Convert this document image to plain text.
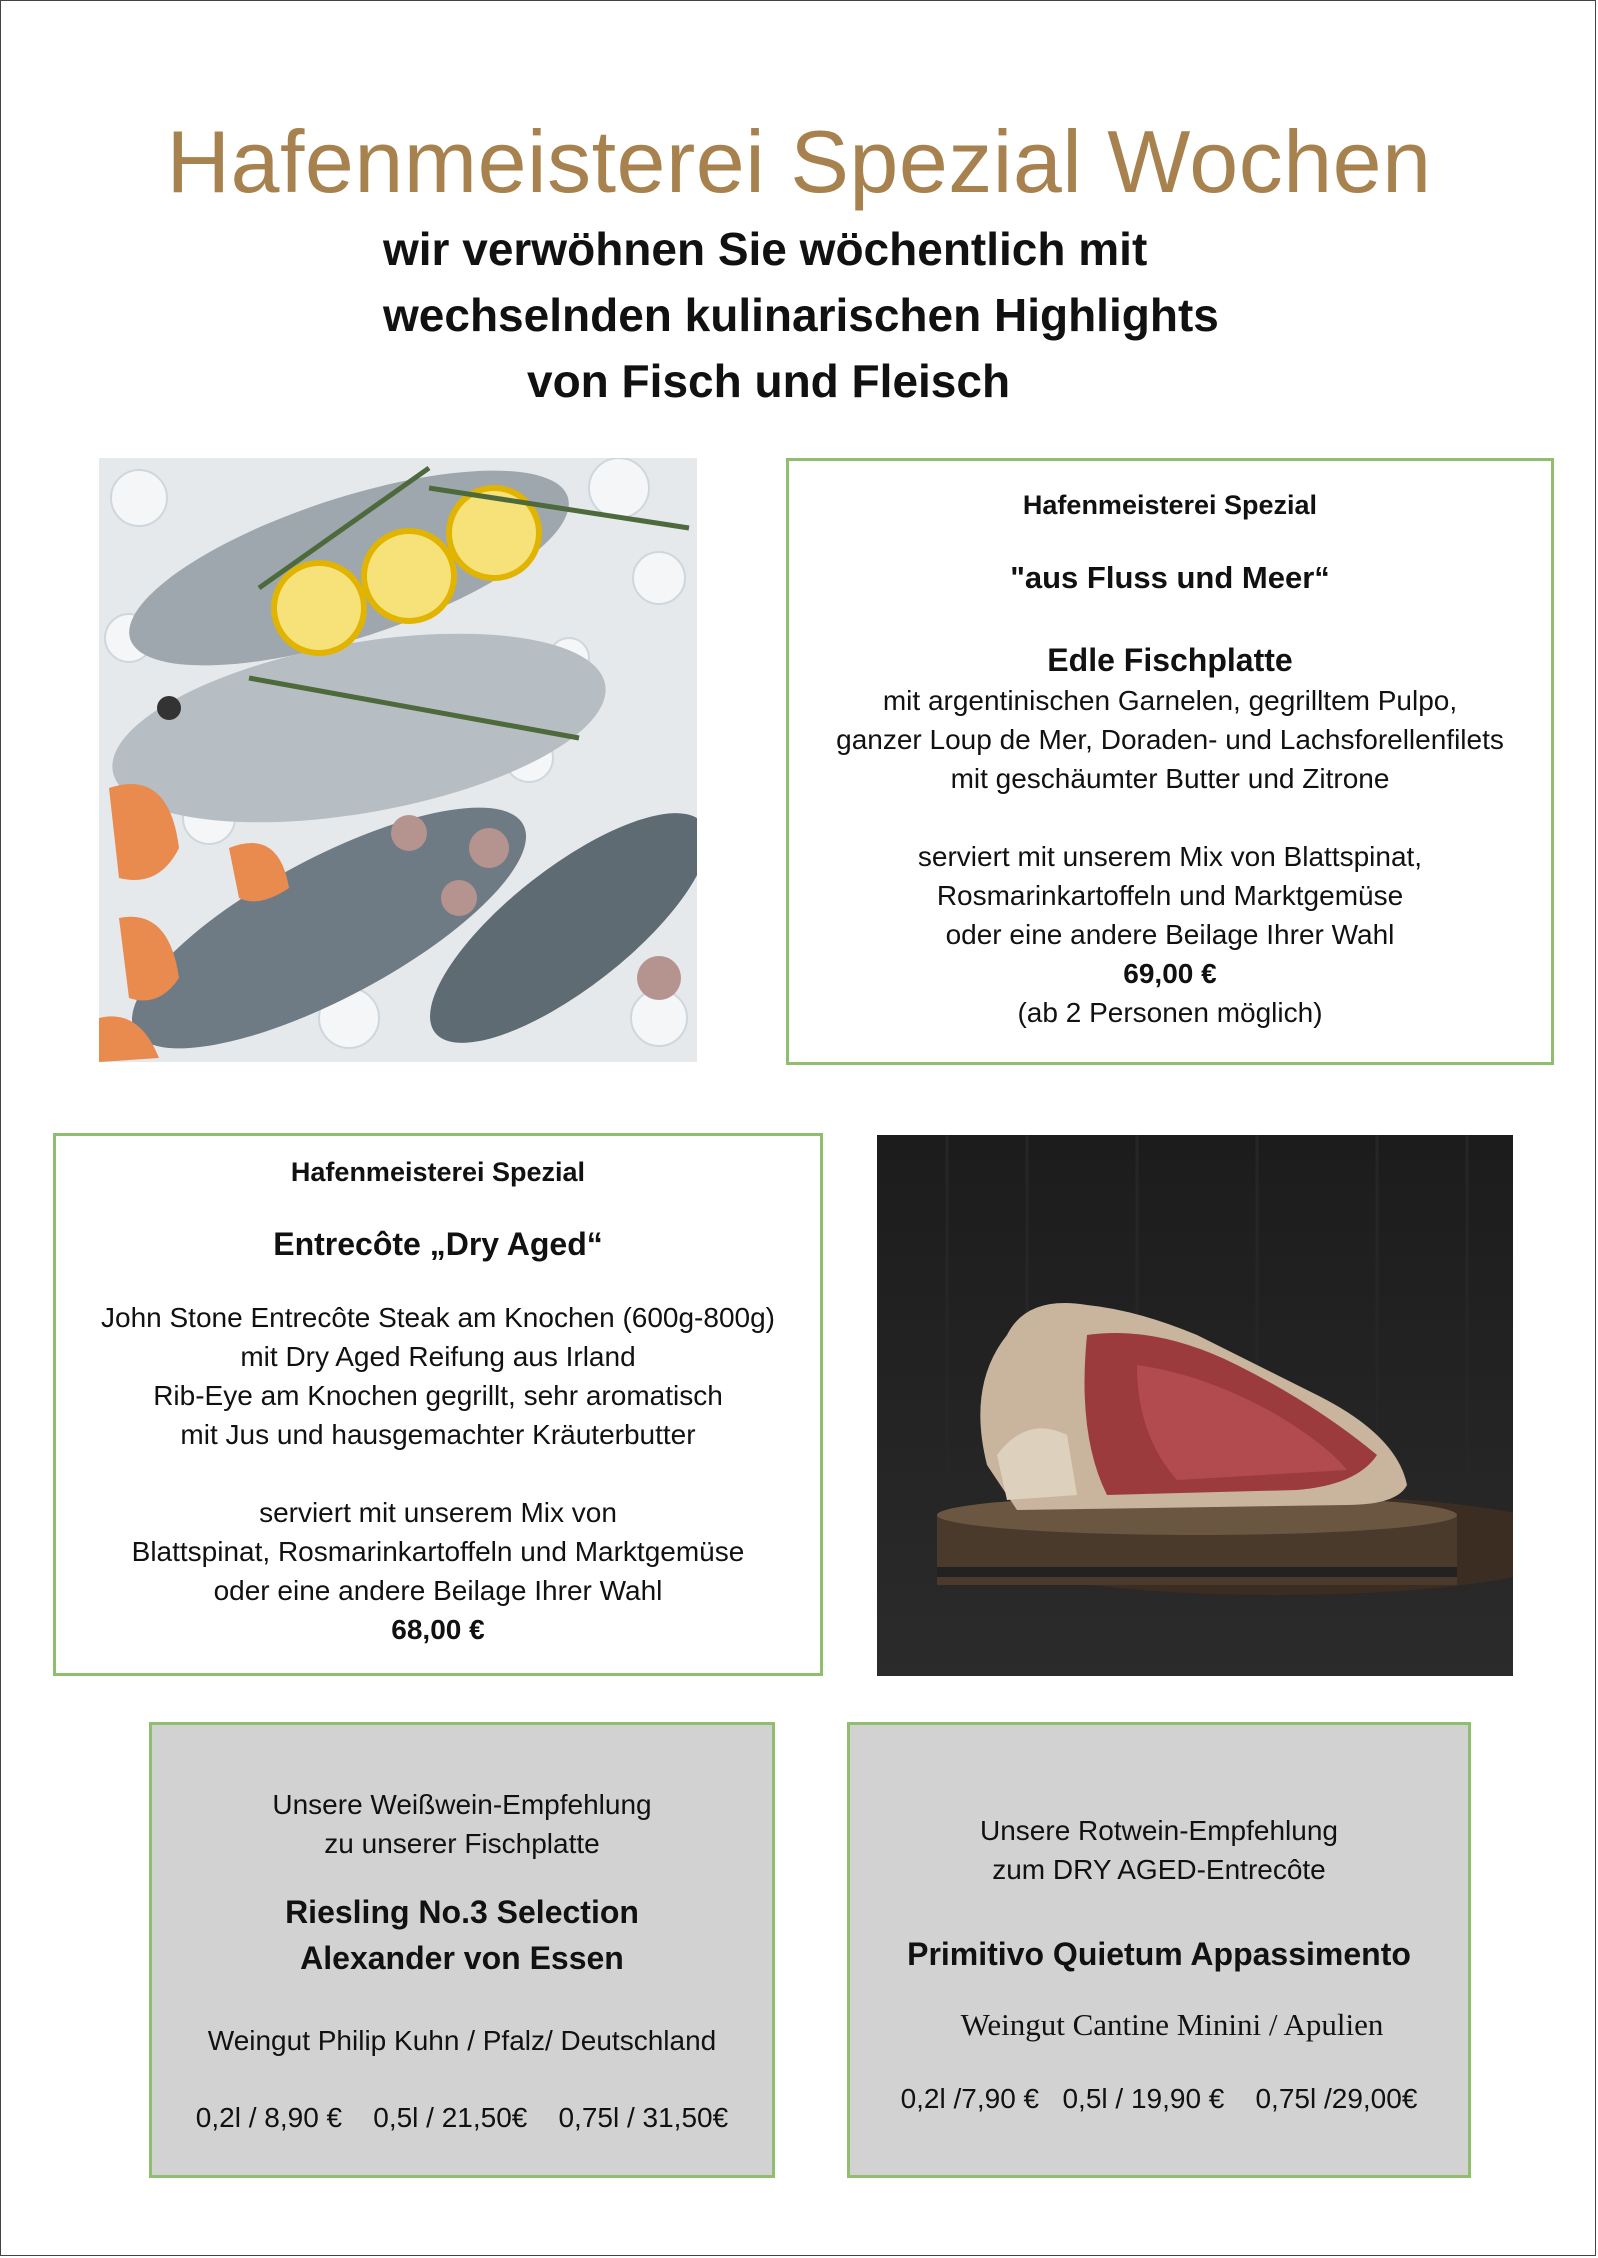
Hafenmeisterei Spezial Wochen
wir verwöhnen Sie wöchentlich mit
wechselnden kulinarischen Highlights
von Fisch und Fleisch

Hafenmeisterei Spezial

"aus Fluss und Meer“

Edle Fischplatte

mit argentinischen Garnelen, gegrilltem Pulpo,

ganzer Loup de Mer, Doraden- und Lachsforellenfilets

mit geschäumter Butter und Zitrone

serviert mit unserem Mix von Blattspinat,

Rosmarinkartoffeln und Marktgemüse

oder eine andere Beilage Ihrer Wahl

69,00 €

(ab 2 Personen möglich)

Hafenmeisterei Spezial

Entrecôte „Dry Aged“

John Stone Entrecôte Steak am Knochen (600g-800g)

mit Dry Aged Reifung aus Irland

Rib-Eye am Knochen gegrillt, sehr aromatisch

mit Jus und hausgemachter Kräuterbutter

serviert mit unserem Mix von

Blattspinat, Rosmarinkartoffeln und Marktgemüse

oder eine andere Beilage Ihrer Wahl

68,00 €

Unsere Weißwein-Empfehlung

zu unserer Fischplatte

Riesling No.3 Selection

Alexander von Essen

Weingut Philip Kuhn / Pfalz/ Deutschland

0,2l / 8,90 €    0,5l / 21,50€    0,75l / 31,50€

Unsere Rotwein-Empfehlung

zum DRY AGED-Entrecôte

Primitivo Quietum Appassimento

Weingut Cantine Minini / Apulien

0,2l /7,90 €   0,5l / 19,90 €    0,75l /29,00€
